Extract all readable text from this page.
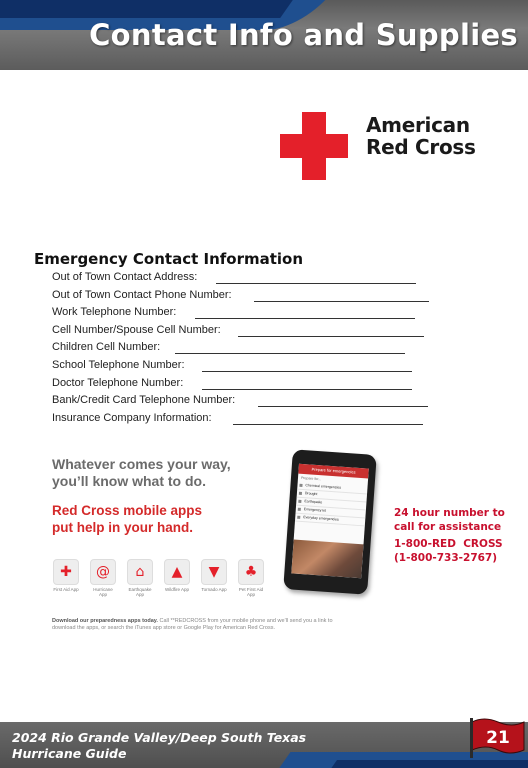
Contact Info and Supplies
American
Red Cross
Emergency Contact Information
Out of Town Contact Address:
Out of Town Contact Phone Number:
Work Telephone Number:
Cell Number/Spouse Cell Number:
Children Cell Number:
School Telephone Number:
Doctor Telephone Number:
Bank/Credit Card Telephone Number:
Insurance Company Information:
Whatever comes your way,
you’ll know what to do.
Red Cross mobile apps
put help in your hand.
✚
First Aid App
@
Hurricane App
⌂
Earthquake App
▲
Wildfire App
▼
Tornado App
♣
Pet First Aid App
Download our preparedness apps today. Call **REDCROSS from your mobile phone and we’ll send you a link to download the apps, or search the iTunes app store or Google Play for American Red Cross.
Prepare for emergencies
Prepare for...
Chemical emergencies
Drought
Earthquake
Emergency kit
Everyday emergencies	24 hour number to
call for assistance
1-800-RED  CROSS
(1-800-733-2767)
2024 Rio Grande Valley/Deep South Texas
Hurricane Guide
21
